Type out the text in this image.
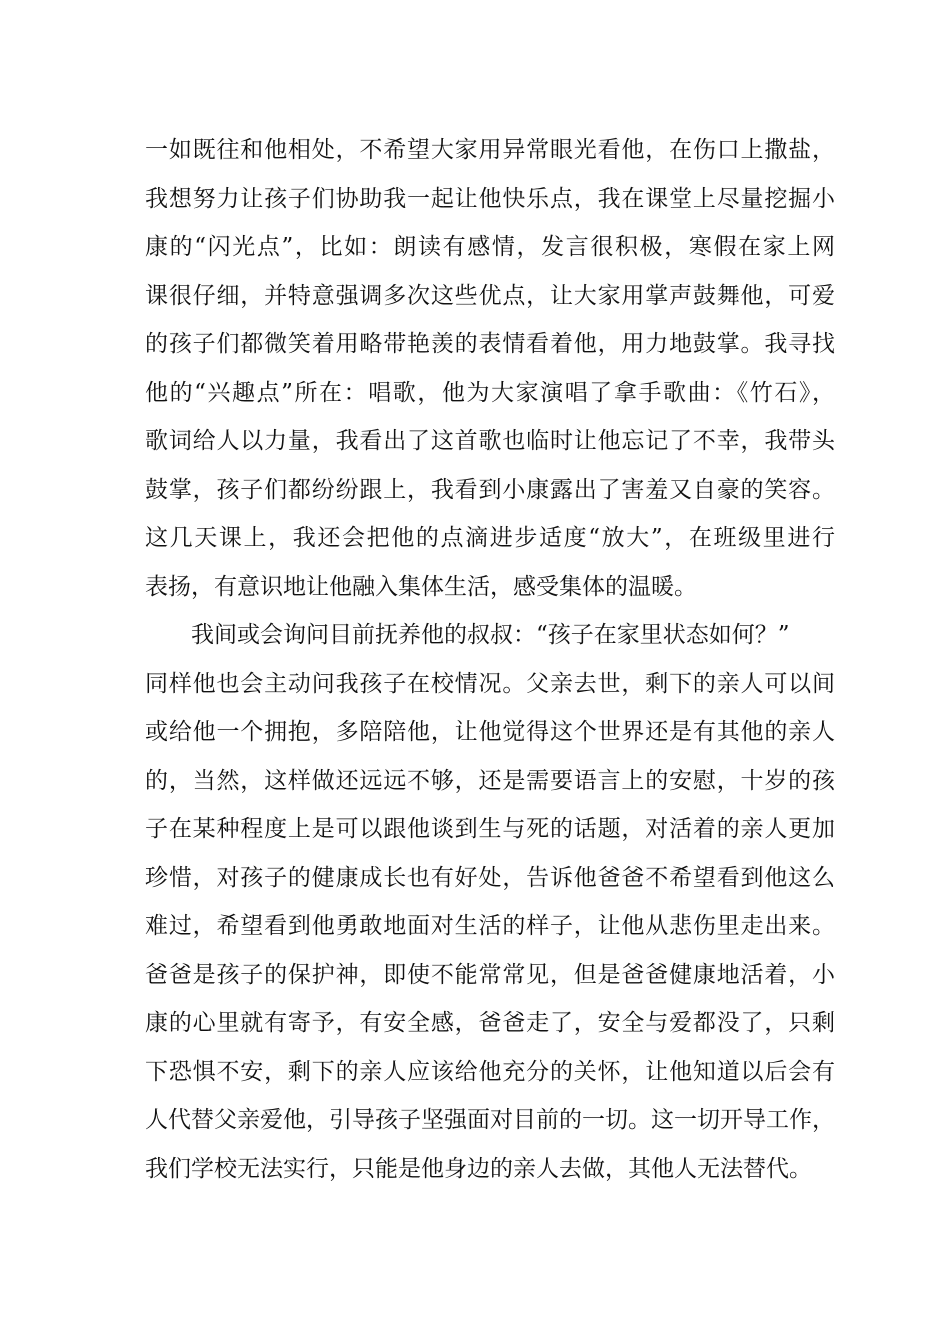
一如既往和他相处，不希望大家用异常眼光看他，在伤口上撒盐，
我想努力让孩子们协助我一起让他快乐点，我在课堂上尽量挖掘小
康的“闪光点”，比如：朗读有感情，发言很积极，寒假在家上网
课很仔细，并特意强调多次这些优点，让大家用掌声鼓舞他，可爱
的孩子们都微笑着用略带艳羡的表情看着他，用力地鼓掌。我寻找
他的“兴趣点”所在：唱歌，他为大家演唱了拿手歌曲：《竹石》，
歌词给人以力量，我看出了这首歌也临时让他忘记了不幸，我带头
鼓掌，孩子们都纷纷跟上，我看到小康露出了害羞又自豪的笑容。
这几天课上，我还会把他的点滴进步适度“放大”，在班级里进行
表扬，有意识地让他融入集体生活，感受集体的温暖。
我间或会询问目前抚养他的叔叔：“孩子在家里状态如何？”
同样他也会主动问我孩子在校情况。父亲去世，剩下的亲人可以间
或给他一个拥抱，多陪陪他，让他觉得这个世界还是有其他的亲人
的，当然，这样做还远远不够，还是需要语言上的安慰，十岁的孩
子在某种程度上是可以跟他谈到生与死的话题，对活着的亲人更加
珍惜，对孩子的健康成长也有好处，告诉他爸爸不希望看到他这么
难过，希望看到他勇敢地面对生活的样子，让他从悲伤里走出来。
爸爸是孩子的保护神，即使不能常常见，但是爸爸健康地活着，小
康的心里就有寄予，有安全感，爸爸走了，安全与爱都没了，只剩
下恐惧不安，剩下的亲人应该给他充分的关怀，让他知道以后会有
人代替父亲爱他，引导孩子坚强面对目前的一切。这一切开导工作，
我们学校无法实行，只能是他身边的亲人去做，其他人无法替代。
